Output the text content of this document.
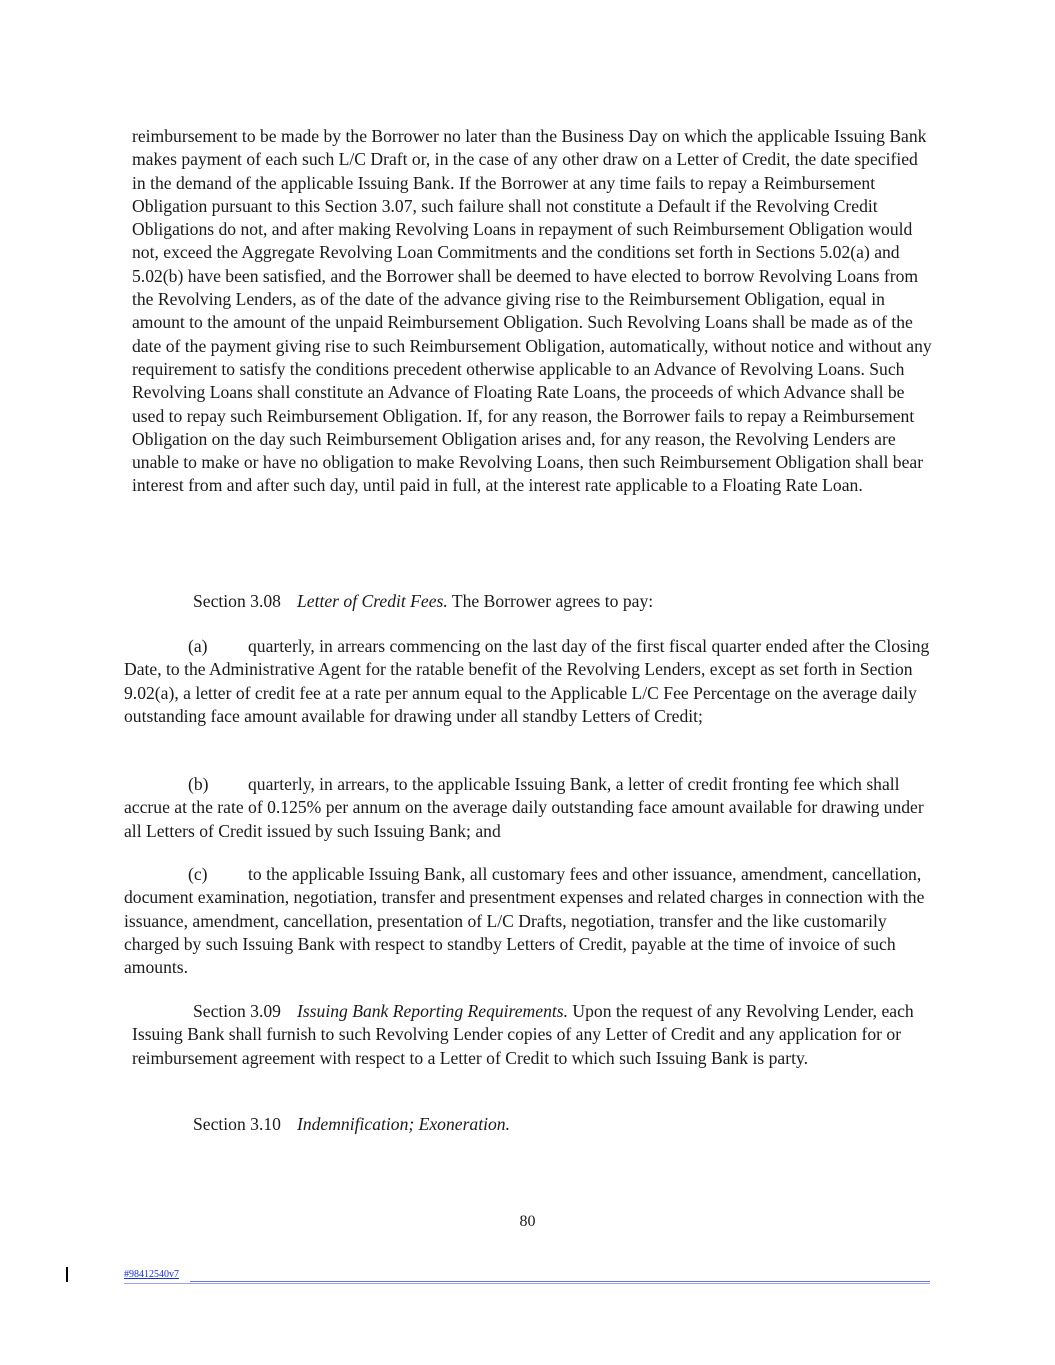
reimbursement to be made by the Borrower no later than the Business Day on which the applicable Issuing Bank makes payment of each such L/C Draft or, in the case of any other draw on a Letter of Credit, the date specified in the demand of the applicable Issuing Bank. If the Borrower at any time fails to repay a Reimbursement Obligation pursuant to this Section 3.07, such failure shall not constitute a Default if the Revolving Credit Obligations do not, and after making Revolving Loans in repayment of such Reimbursement Obligation would not, exceed the Aggregate Revolving Loan Commitments and the conditions set forth in Sections 5.02(a) and 5.02(b) have been satisfied, and the Borrower shall be deemed to have elected to borrow Revolving Loans from the Revolving Lenders, as of the date of the advance giving rise to the Reimbursement Obligation, equal in amount to the amount of the unpaid Reimbursement Obligation. Such Revolving Loans shall be made as of the date of the payment giving rise to such Reimbursement Obligation, automatically, without notice and without any requirement to satisfy the conditions precedent otherwise applicable to an Advance of Revolving Loans. Such Revolving Loans shall constitute an Advance of Floating Rate Loans, the proceeds of which Advance shall be used to repay such Reimbursement Obligation. If, for any reason, the Borrower fails to repay a Reimbursement Obligation on the day such Reimbursement Obligation arises and, for any reason, the Revolving Lenders are unable to make or have no obligation to make Revolving Loans, then such Reimbursement Obligation shall bear interest from and after such day, until paid in full, at the interest rate applicable to a Floating Rate Loan.

Section 3.08 Letter of Credit Fees. The Borrower agrees to pay:

(a) quarterly, in arrears commencing on the last day of the first fiscal quarter ended after the Closing Date, to the Administrative Agent for the ratable benefit of the Revolving Lenders, except as set forth in Section 9.02(a), a letter of credit fee at a rate per annum equal to the Applicable L/C Fee Percentage on the average daily outstanding face amount available for drawing under all standby Letters of Credit;

(b) quarterly, in arrears, to the applicable Issuing Bank, a letter of credit fronting fee which shall accrue at the rate of 0.125% per annum on the average daily outstanding face amount available for drawing under all Letters of Credit issued by such Issuing Bank; and

(c) to the applicable Issuing Bank, all customary fees and other issuance, amendment, cancellation, document examination, negotiation, transfer and presentment expenses and related charges in connection with the issuance, amendment, cancellation, presentation of L/C Drafts, negotiation, transfer and the like customarily charged by such Issuing Bank with respect to standby Letters of Credit, payable at the time of invoice of such amounts.

Section 3.09 Issuing Bank Reporting Requirements. Upon the request of any Revolving Lender, each Issuing Bank shall furnish to such Revolving Lender copies of any Letter of Credit and any application for or reimbursement agreement with respect to a Letter of Credit to which such Issuing Bank is party.

Section 3.10 Indemnification; Exoneration.
80
#98412540v7
